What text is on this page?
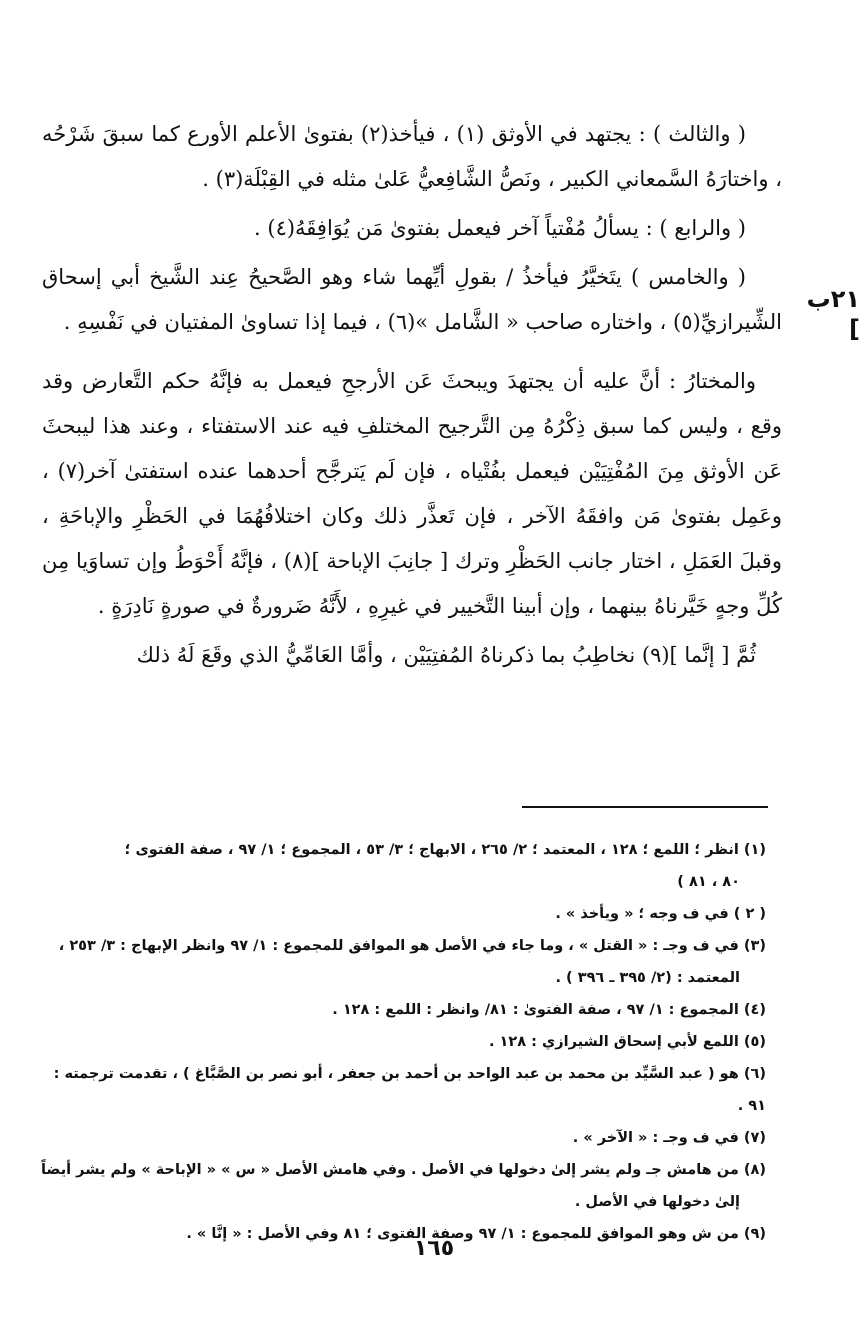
( والثالث ) : يجتهد في الأوثق (١) ، فيأخذ(٢) بفتوىٰ الأعلم الأورع كما سبقَ شَرْحُه ، واختارَهُ السَّمعاني الكبير ، ونَصُّ الشَّافِعيُّ عَلىٰ مثله في القِبْلَة(٣) .

( والرابع ) : يسألُ مُفْتياً آخر فيعمل بفتوىٰ مَن يُوَافِقَهُ(٤) .

( والخامس ) يتَخيَّرُ فيأخذُ / بقولِ أيِّهما شاء وهو الصَّحيحُ عِند الشَّيخ أبي إسحاق الشِّيرازيِّ(٥) ، واختاره صاحب « الشَّامل »(٦) ، فيما إذا تساوىٰ المفتيان في نَفْسِهِ .

والمختارُ : أنَّ عليه أن يجتهدَ ويبحثَ عَن الأرجحِ فيعمل به فإنَّهُ حكم التَّعارض وقد وقع ، وليس كما سبق ذِكْرُهُ مِن التَّرجيح المختلفِ فيه عند الاستفتاء ، وعند هذا ليبحثَ عَن الأوثق مِنَ المُفْتِيَيْن فيعمل بفُتْياه ، فإن لَم يَترجَّح أحدهما عنده استفتىٰ آخر(٧) ، وعَمِل بفتوىٰ مَن وافقَهُ الآخر ، فإن تَعذَّر ذلك وكان اختلافُهُمَا في الحَظْرِ والإباحَةِ ، وقبلَ العَمَلِ ، اختار جانب الحَظْرِ وترك [ جانِبَ الإباحة ](٨) ، فإنَّهُ أَحْوَطُ وإن تساوَيا مِن كُلِّ وجهٍ خَيَّرناهُ بينهما ، وإن أبينا التَّخيير في غيرِهِ ، لأَنَّهُ ضَرورةٌ في صورةٍ نَادِرَةٍ .

ثُمَّ [ إنَّما ](٩) نخاطِبُ بما ذكرناهُ المُفتِيَيْن ، وأمَّا العَامِّيُّ الذي وقَعَ لَهُ ذلك

٢١ب ]
(١) انظر ؛ اللمع ؛ ١٢٨ ، المعتمد ؛ ٢/ ٢٦٥ ، الابهاج ؛ ٣/ ٥٣ ، المجموع ؛ ١/ ٩٧ ، صفة الفتوى ؛
٨٠ ، ٨١ )
( ٢ ) في ف وجه ؛ « ويأخذ » .
(٣) في ف وجـ : « القتل » ، وما جاء في الأصل هو الموافق للمجموع : ١/ ٩٧ وانظر الإبهاج : ٣/ ٢٥٣ ،
المعتمد : (٢/ ٣٩٥ ـ ٣٩٦ ) .
(٤) المجموع : ١/ ٩٧ ، صفة الفتوىٰ : ٨١/ وانظر : اللمع : ١٢٨ .
(٥) اللمع لأبي إسحاق الشيرازي : ١٢٨ .
(٦) هو ( عبد السَّيِّد بن محمد بن عبد الواحد بن أحمد بن جعفر ، أبو نصر بن الصَّبَّاغ ) ، تقدمت ترجمته : ٩١ .
(٧) في ف وجـ : « الآخر » .
(٨) من هامش جـ ولم يشر إلىٰ دخولها في الأصل . وفي هامش الأصل « س » « الإباحة » ولم يشر أيضاً
إلىٰ دخولها في الأصل .
(٩) من ش وهو الموافق للمجموع : ١/ ٩٧ وصفة الفتوى ؛ ٨١ وفي الأصل : « إنَّا » .
١٦٥
